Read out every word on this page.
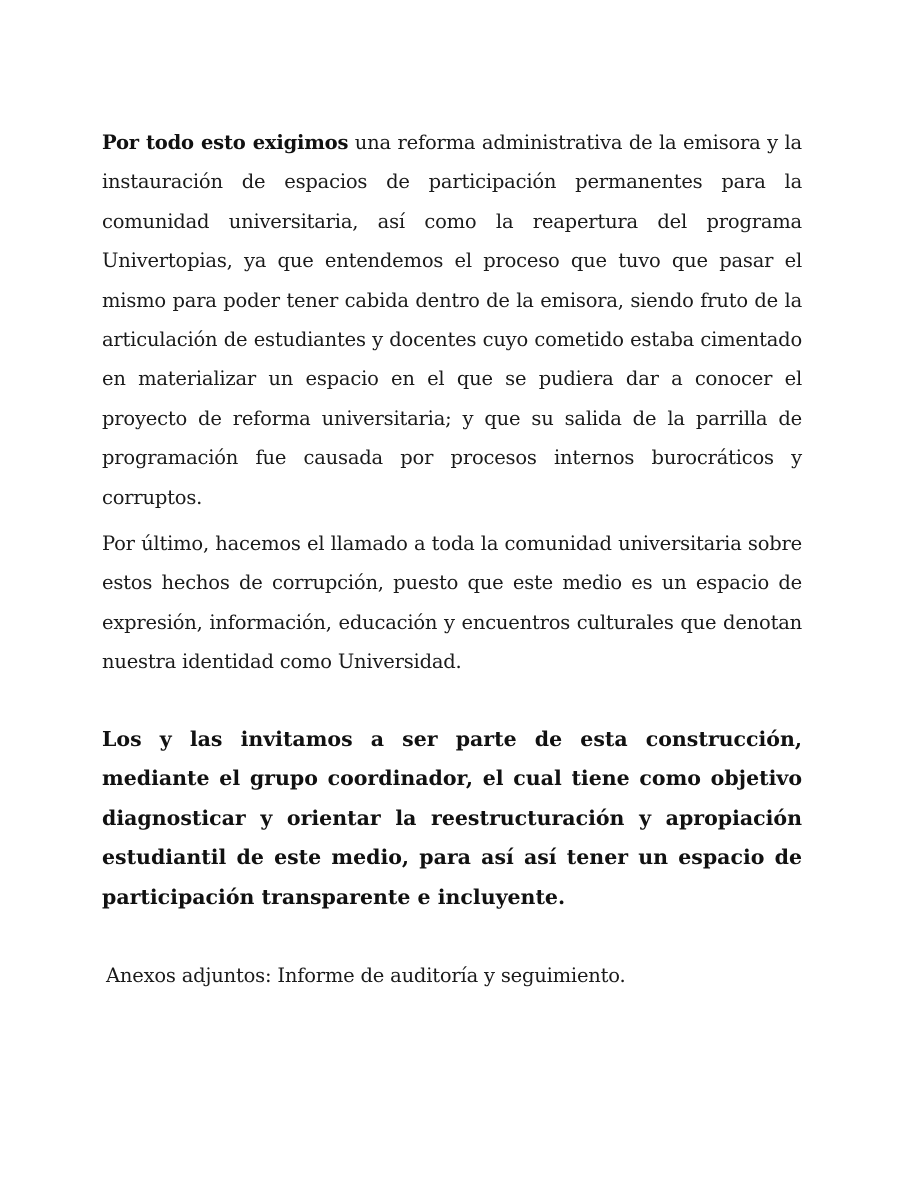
Por todo esto exigimos una reforma administrativa de la emisora y la instauración de espacios de participación permanentes para la comunidad universitaria, así como la reapertura del programa Univertopias, ya que entendemos el proceso que tuvo que pasar el mismo para poder tener cabida dentro de la emisora, siendo fruto de la articulación de estudiantes y docentes cuyo cometido estaba cimentado en materializar un espacio en el que se pudiera dar a conocer el proyecto de reforma universitaria; y que su salida de la parrilla de programación fue causada por procesos internos burocráticos y corruptos.

Por último, hacemos el llamado a toda la comunidad universitaria sobre estos hechos de corrupción, puesto que este medio es un espacio de expresión, información, educación y encuentros culturales que denotan nuestra identidad como Universidad.

Los y las invitamos a ser parte de esta construcción, mediante el grupo coordinador, el cual tiene como objetivo diagnosticar y orientar la reestructuración y apropiación estudiantil de este medio, para así así tener un espacio de participación transparente e incluyente.

Anexos adjuntos: Informe de auditoría y seguimiento.
